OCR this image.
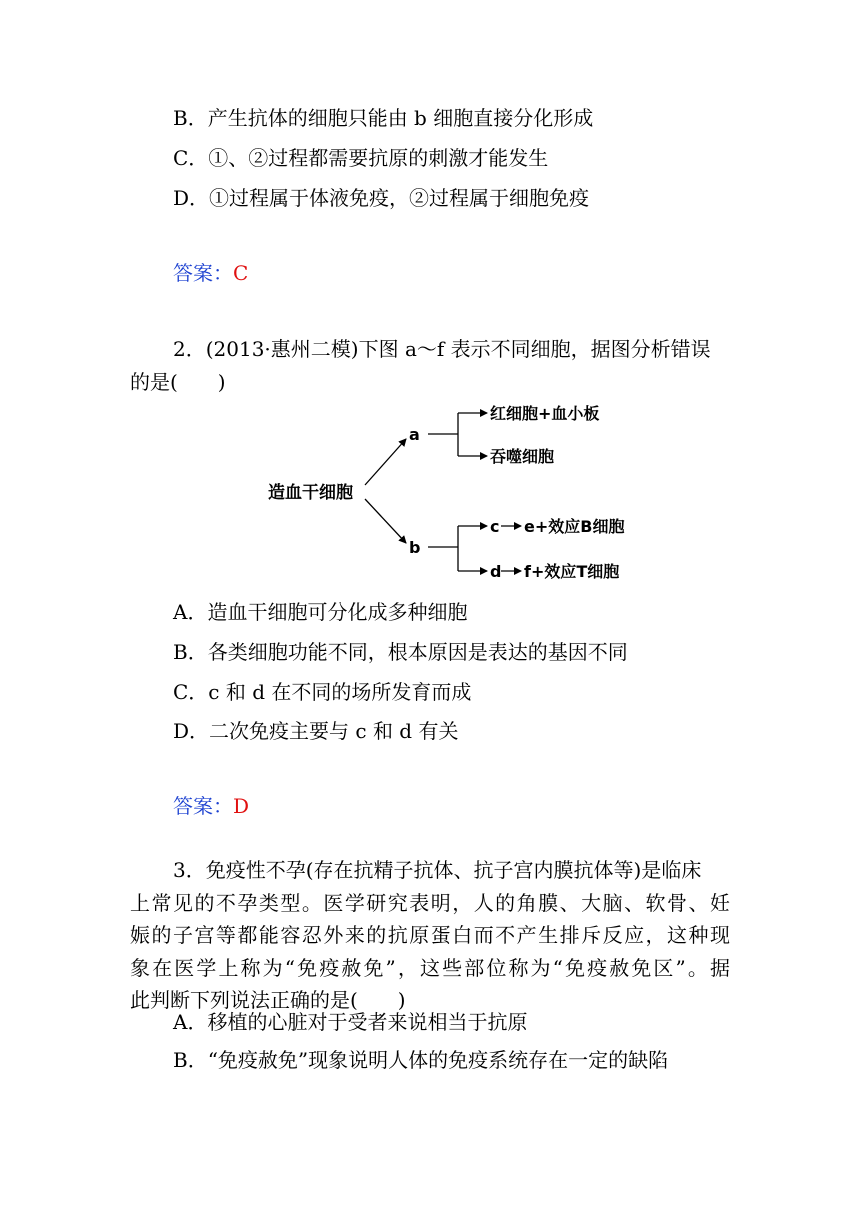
B．产生抗体的细胞只能由 b 细胞直接分化形成
C．①、②过程都需要抗原的刺激才能发生
D．①过程属于体液免疫，②过程属于细胞免疫
答案：C
2．(2013·惠州二模)下图 a～f 表示不同细胞，据图分析错误
的是(　　)
造血干细胞
a
b
红细胞+血小板
吞噬细胞
c e+效应B细胞
d f+效应T细胞
A．造血干细胞可分化成多种细胞
B．各类细胞功能不同，根本原因是表达的基因不同
C．c 和 d 在不同的场所发育而成
D．二次免疫主要与 c 和 d 有关
答案：D
3．免疫性不孕(存在抗精子抗体、抗子宫内膜抗体等)是临床
上常见的不孕类型。医学研究表明，人的角膜、大脑、软骨、妊
娠的子宫等都能容忍外来的抗原蛋白而不产生排斥反应，这种现
象在医学上称为“免疫赦免”，这些部位称为“免疫赦免区”。据
此判断下列说法正确的是(　　)
A．移植的心脏对于受者来说相当于抗原
B．“免疫赦免”现象说明人体的免疫系统存在一定的缺陷
